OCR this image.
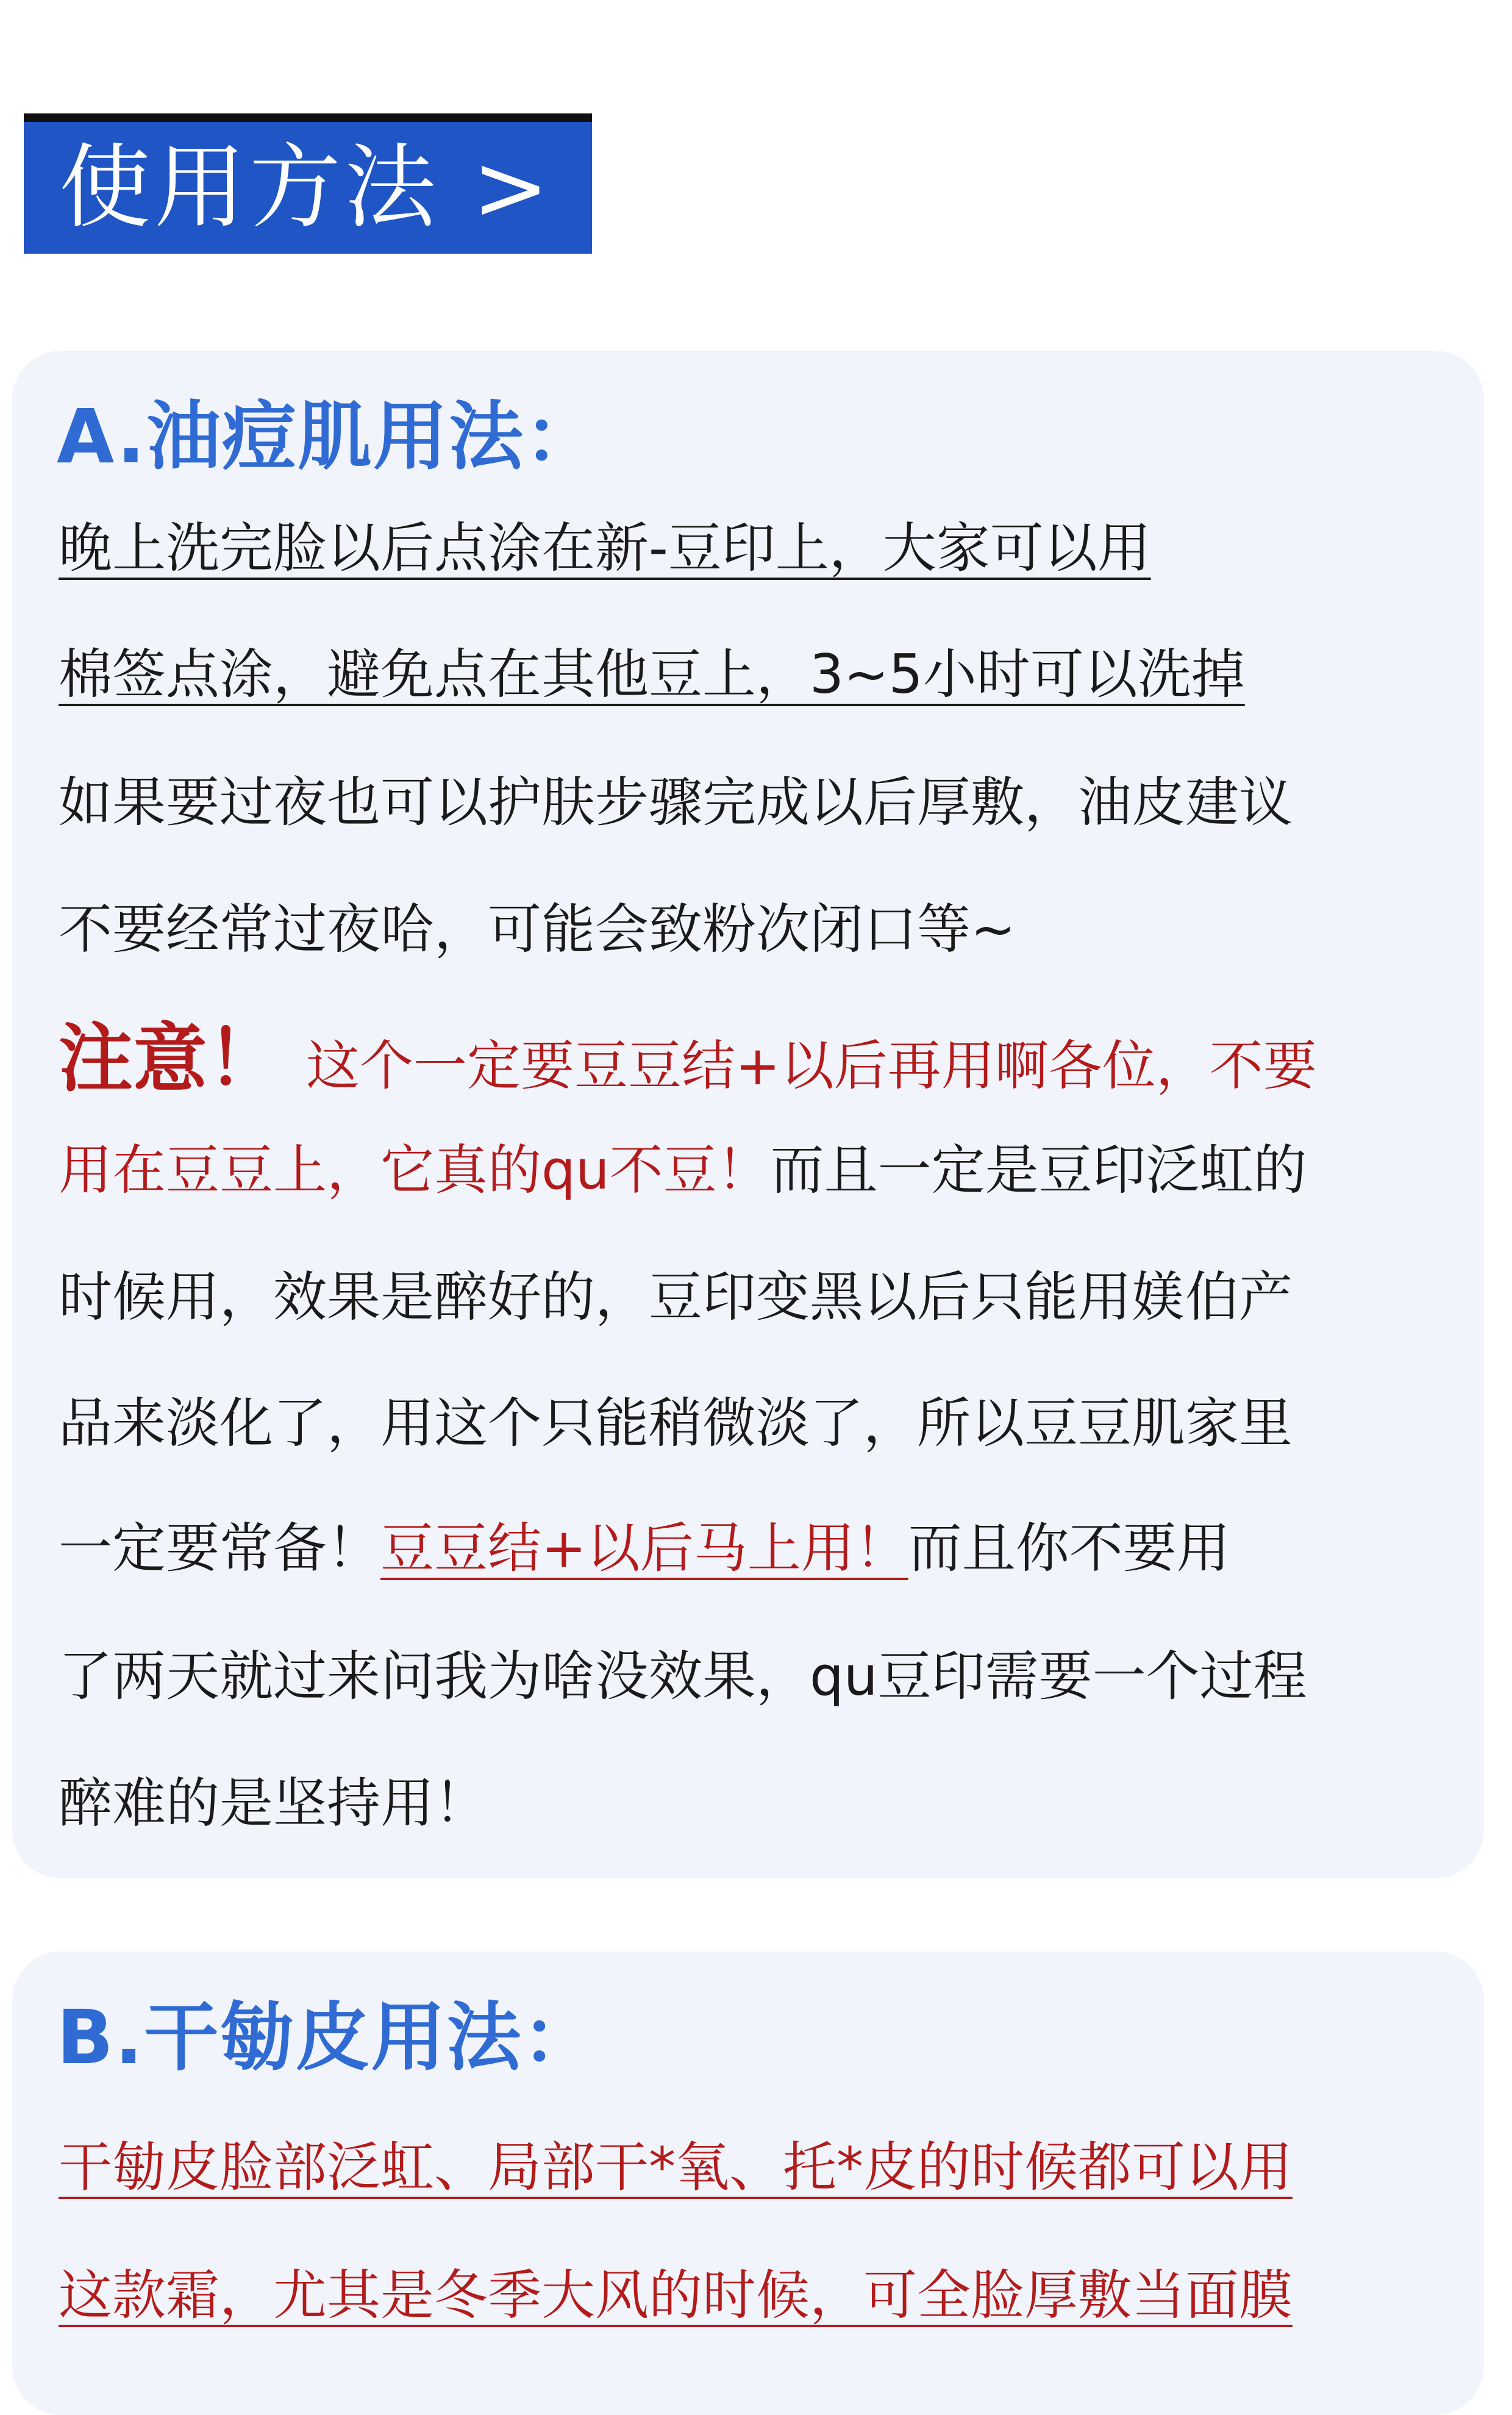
使用方法 >
A.油痘肌用法：
晚上洗完脸以后点涂在新-豆印上，大家可以用
棉签点涂，避免点在其他豆上，3~5小时可以洗掉
如果要过夜也可以护肤步骤完成以后厚敷，油皮建议
不要经常过夜哈，可能会致粉次闭口等~
注意！ 这个一定要豆豆结+以后再用啊各位，不要
用在豆豆上，它真的qu不豆！而且一定是豆印泛虹的
时候用，效果是醉好的，豆印变黑以后只能用媄伯产
品来淡化了，用这个只能稍微淡了，所以豆豆肌家里
一定要常备！豆豆结+以后马上用！而且你不要用
了两天就过来问我为啥没效果，qu豆印需要一个过程
醉难的是坚持用！
B.干勄皮用法：
干勄皮脸部泛虹、局部干*氧、托*皮的时候都可以用
这款霜，尤其是冬季大风的时候，可全脸厚敷当面膜
